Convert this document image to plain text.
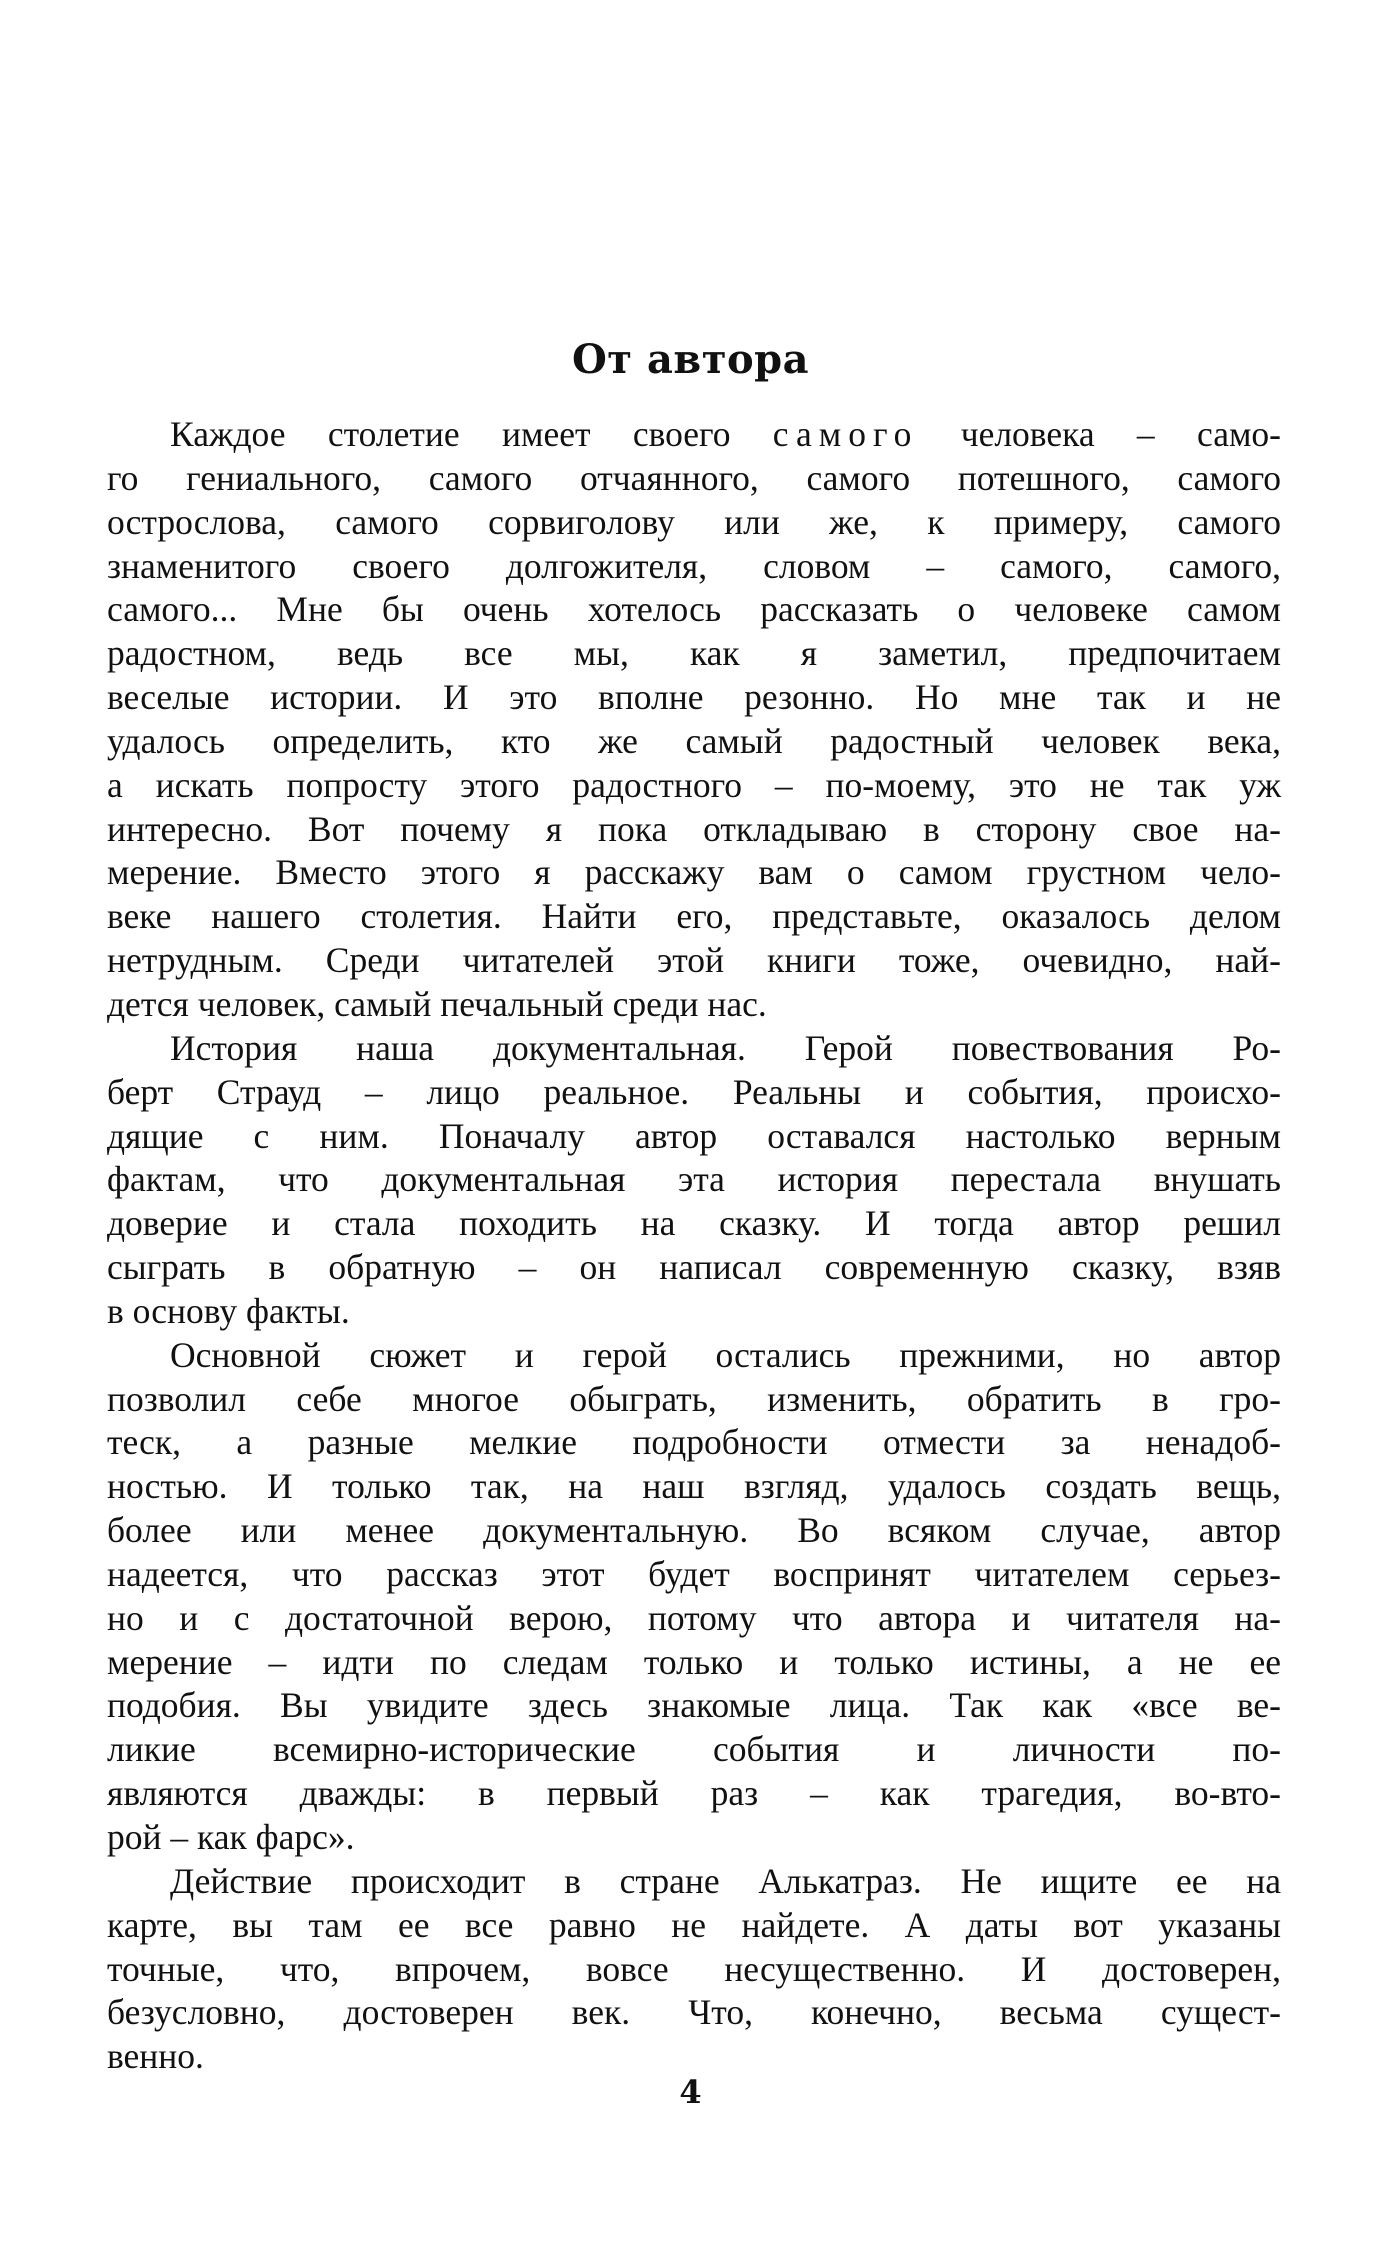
От автора
Каждое столетие имеет своего самого человека – само-
го гениального, самого отчаянного, самого потешного, самого
острослова, самого сорвиголову или же, к примеру, самого
знаменитого своего долгожителя, словом – самого, самого,
самого... Мне бы очень хотелось рассказать о человеке самом
радостном, ведь все мы, как я заметил, предпочитаем
веселые истории. И это вполне резонно. Но мне так и не
удалось определить, кто же самый радостный человек века,
а искать попросту этого радостного – по-моему, это не так уж
интересно. Вот почему я пока откладываю в сторону свое на-
мерение. Вместо этого я расскажу вам о самом грустном чело-
веке нашего столетия. Найти его, представьте, оказалось делом
нетрудным. Среди читателей этой книги тоже, очевидно, най-
дется человек, самый печальный среди нас.
История наша документальная. Герой повествования Ро-
берт Страуд – лицо реальное. Реальны и события, происхо-
дящие с ним. Поначалу автор оставался настолько верным
фактам, что документальная эта история перестала внушать
доверие и стала походить на сказку. И тогда автор решил
сыграть в обратную – он написал современную сказку, взяв
в основу факты.
Основной сюжет и герой остались прежними, но автор
позволил себе многое обыграть, изменить, обратить в гро-
теск, а разные мелкие подробности отмести за ненадоб-
ностью. И только так, на наш взгляд, удалось создать вещь,
более или менее документальную. Во всяком случае, автор
надеется, что рассказ этот будет воспринят читателем серьез-
но и с достаточной верою, потому что автора и читателя на-
мерение – идти по следам только и только истины, а не ее
подобия. Вы увидите здесь знакомые лица. Так как «все ве-
ликие всемирно-исторические события и личности по-
являются дважды: в первый раз – как трагедия, во-вто-
рой – как фарс».
Действие происходит в стране Алькатраз. Не ищите ее на
карте, вы там ее все равно не найдете. А даты вот указаны
точные, что, впрочем, вовсе несущественно. И достоверен,
безусловно, достоверен век. Что, конечно, весьма сущест-
венно.
4
